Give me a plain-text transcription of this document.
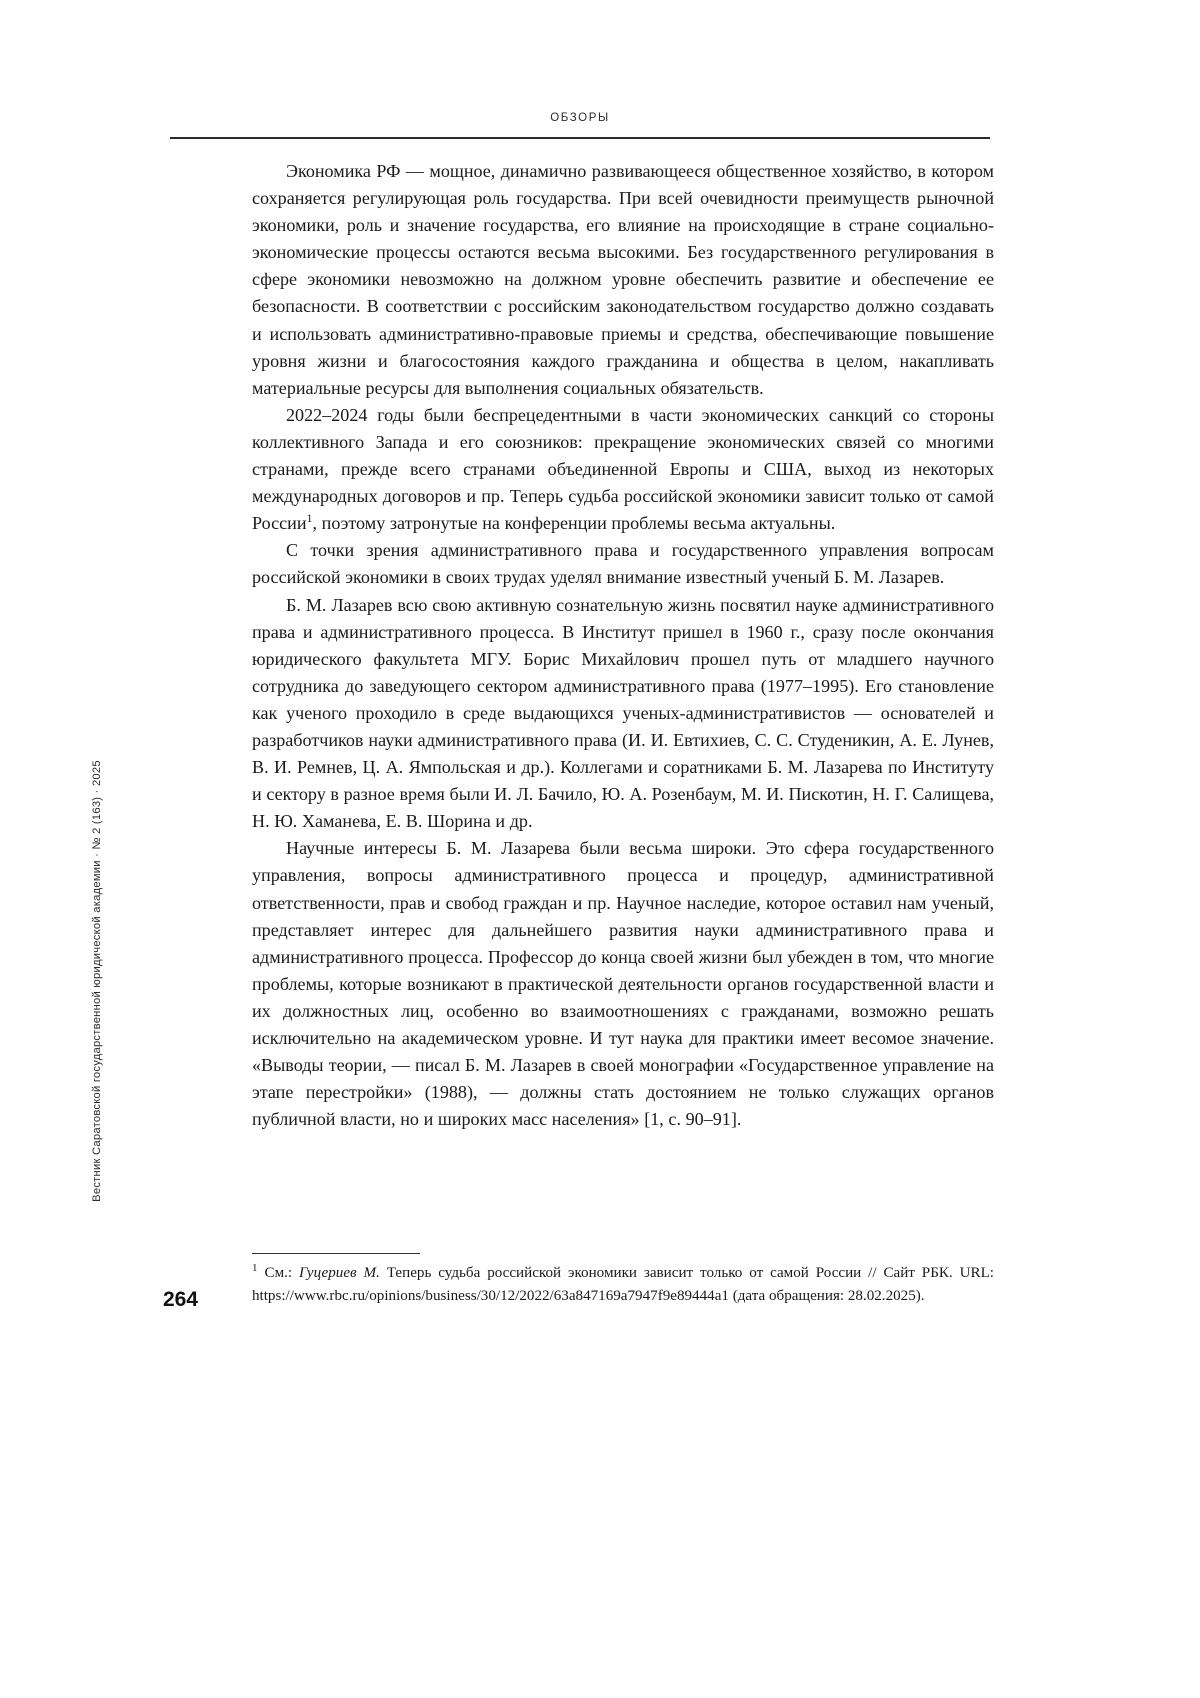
ОБЗОРЫ
Вестник Саратовской государственной юридической академии · № 2 (163) · 2025
264

Экономика РФ — мощное, динамично развивающееся общественное хозяйство, в котором сохраняется регулирующая роль государства. При всей очевидности преимуществ рыночной экономики, роль и значение государства, его влияние на происходящие в стране социально-экономические процессы остаются весьма высокими. Без государственного регулирования в сфере экономики невозможно на должном уровне обеспечить развитие и обеспечение ее безопасности. В соответствии с российским законодательством государство должно создавать и использовать административно-правовые приемы и средства, обеспечивающие повышение уровня жизни и благосостояния каждого гражданина и общества в целом, накапливать материальные ресурсы для выполнения социальных обязательств.

2022–2024 годы были беспрецедентными в части экономических санкций со стороны коллективного Запада и его союзников: прекращение экономических связей со многими странами, прежде всего странами объединенной Европы и США, выход из некоторых международных договоров и пр. Теперь судьба российской экономики зависит только от самой России$^1$, поэтому затронутые на конференции проблемы весьма актуальны.

С точки зрения административного права и государственного управления вопросам российской экономики в своих трудах уделял внимание известный ученый Б. М. Лазарев.

Б. М. Лазарев всю свою активную сознательную жизнь посвятил науке административного права и административного процесса. В Институт пришел в 1960 г., сразу после окончания юридического факультета МГУ. Борис Михайлович прошел путь от младшего научного сотрудника до заведующего сектором административного права (1977–1995). Его становление как ученого проходило в среде выдающихся ученых-административистов — основателей и разработчиков науки административного права (И. И. Евтихиев, С. С. Студеникин, А. Е. Лунев, В. И. Ремнев, Ц. А. Ямпольская и др.). Коллегами и соратниками Б. М. Лазарева по Институту и сектору в разное время были И. Л. Бачило, Ю. А. Розенбаум, М. И. Пискотин, Н. Г. Салищева, Н. Ю. Хаманева, Е. В. Шорина и др.

Научные интересы Б. М. Лазарева были весьма широки. Это сфера государственного управления, вопросы административного процесса и процедур, административной ответственности, прав и свобод граждан и пр. Научное наследие, которое оставил нам ученый, представляет интерес для дальнейшего развития науки административного права и административного процесса. Профессор до конца своей жизни был убежден в том, что многие проблемы, которые возникают в практической деятельности органов государственной власти и их должностных лиц, особенно во взаимоотношениях с гражданами, возможно решать исключительно на академическом уровне. И тут наука для практики имеет весомое значение. «Выводы теории, — писал Б. М. Лазарев в своей монографии «Государственное управление на этапе перестройки» (1988), — должны стать достоянием не только служащих органов публичной власти, но и широких масс населения» [1, с. 90–91].

$^1$ См.: Гуцериев М. Теперь судьба российской экономики зависит только от самой России // Сайт РБК. URL: https://www.rbc.ru/opinions/business/30/12/2022/63a847169a7947f9e89444a1 (дата обращения: 28.02.2025).
